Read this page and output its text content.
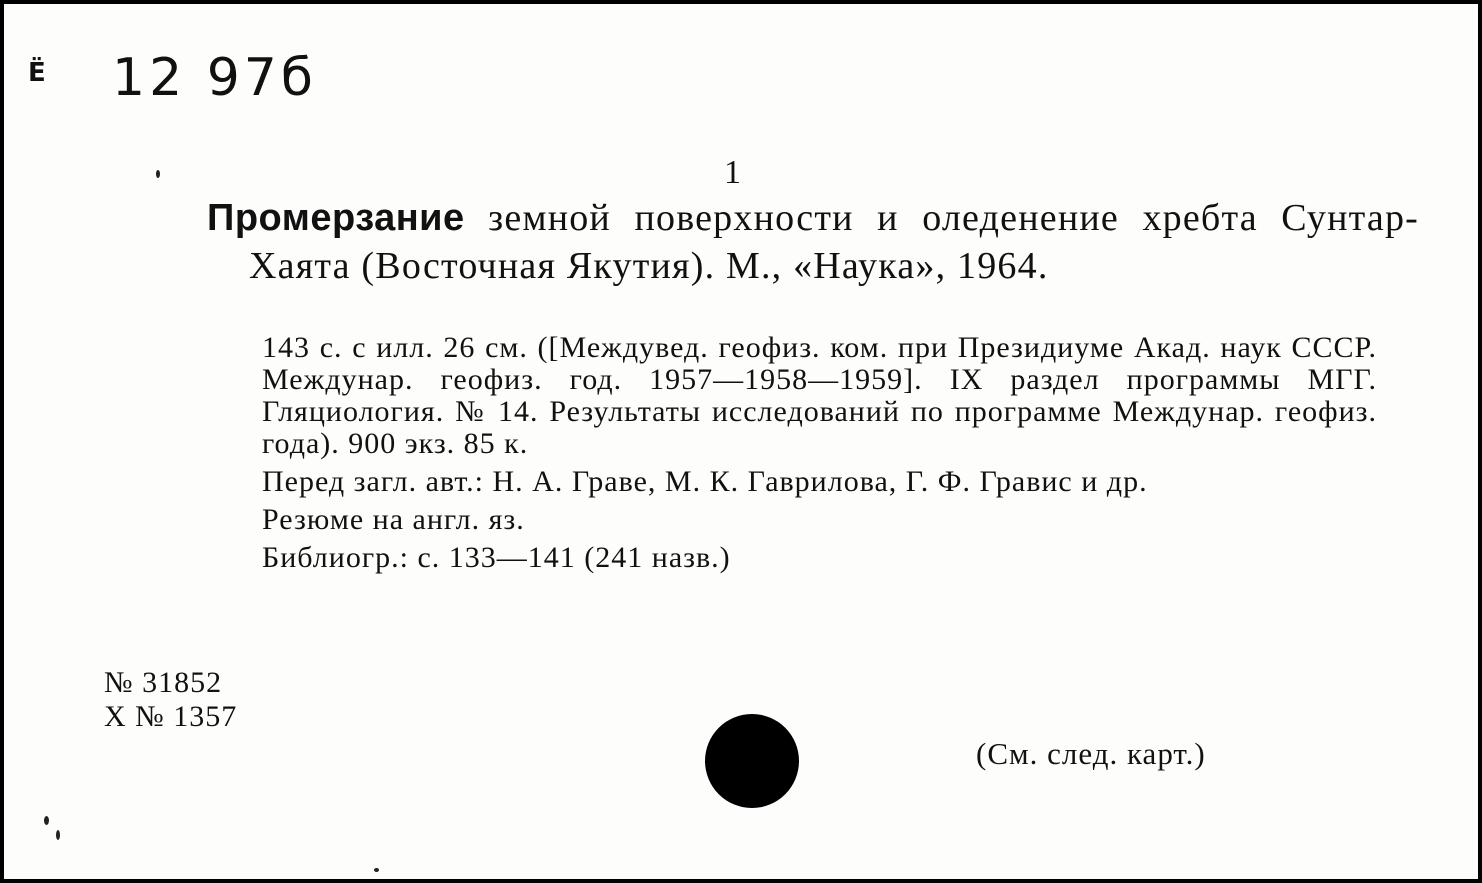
Ё 12 97б
1
Промерзание земной поверхности и оледенение хребта Сунтар-Хаята (Восточная Якутия). М., «Наука», 1964.
143 с. с илл. 26 см. ([Междувед. геофиз. ком. при Президиуме Акад. наук СССР. Междунар. геофиз. год. 1957—1958—1959]. IX раздел программы МГГ. Гляциология. № 14. Результаты исследований по программе Междунар. геофиз. года). 900 экз. 85 к.
Перед загл. авт.: Н. А. Граве, М. К. Гаврилова, Г. Ф. Гравис и др.
Резюме на англ. яз.
Библиогр.: с. 133—141 (241 назв.)
№ 31852
X № 1357
(См. след. карт.)
